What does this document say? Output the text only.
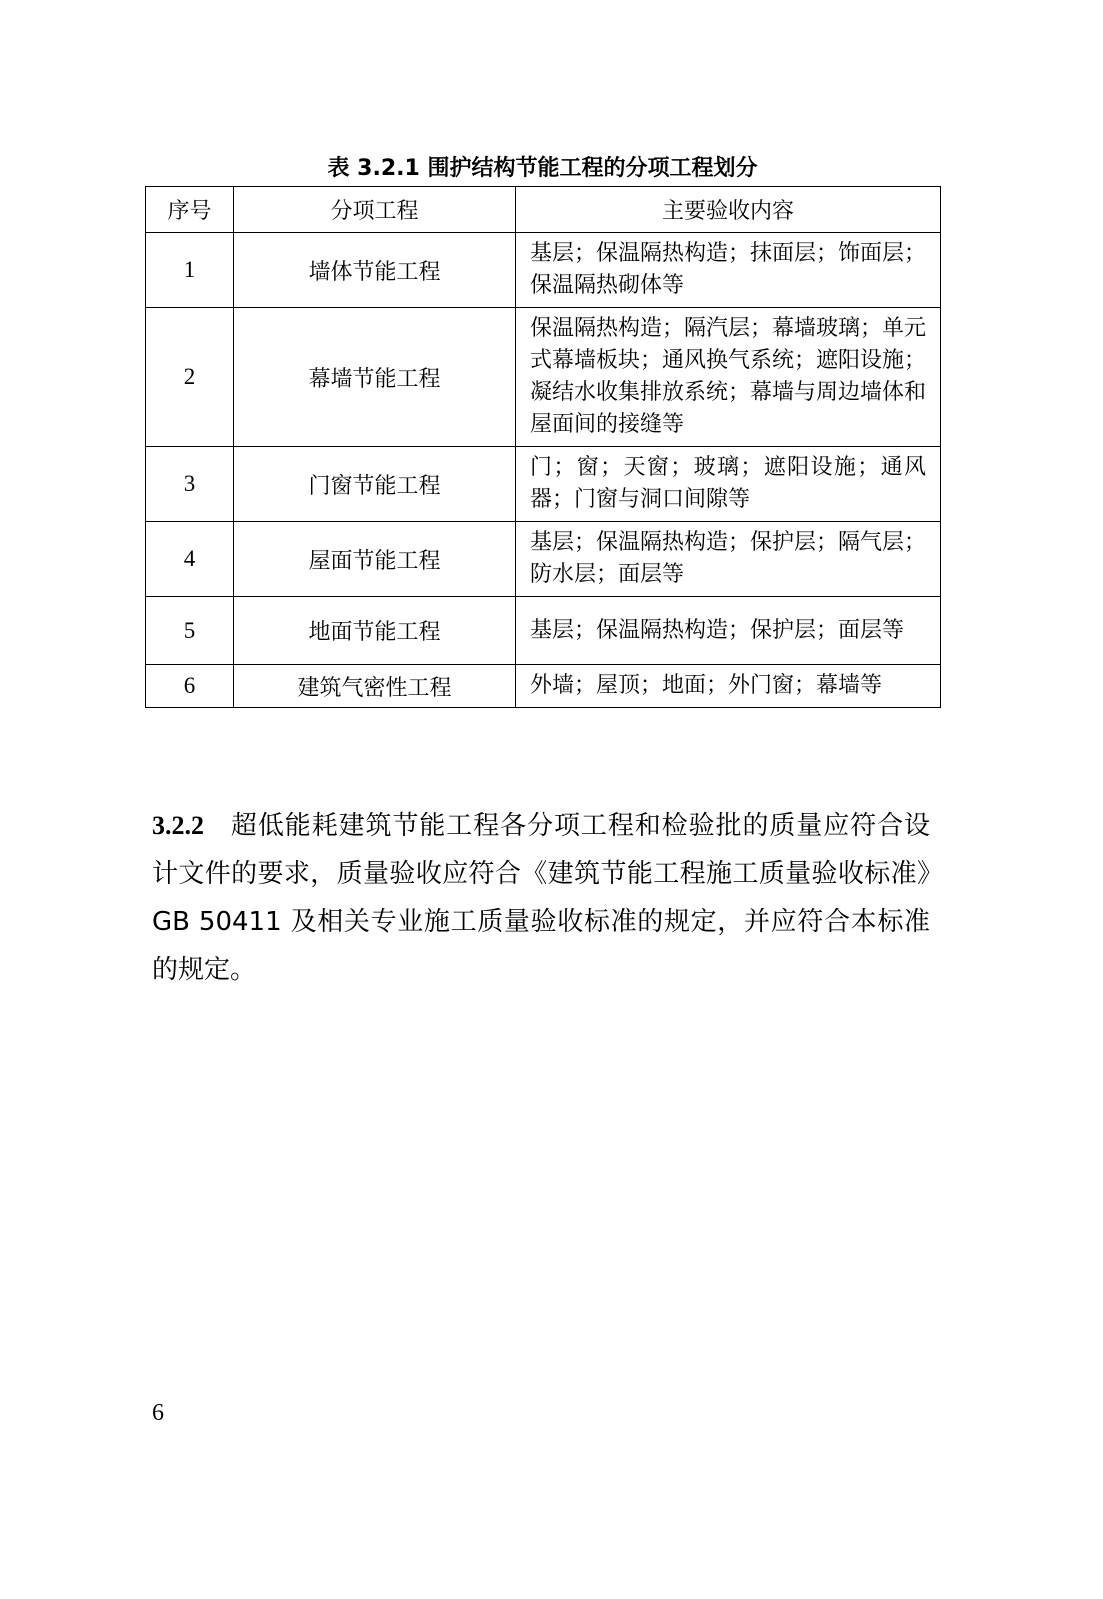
表 3.2.1 围护结构节能工程的分项工程划分
序号	分项工程	主要验收内容
1	墙体节能工程	基层；保温隔热构造；抹面层；饰面层；保温隔热砌体等
2	幕墙节能工程	保温隔热构造；隔汽层；幕墙玻璃；单元式幕墙板块；通风换气系统；遮阳设施；凝结水收集排放系统；幕墙与周边墙体和屋面间的接缝等
3	门窗节能工程	门；窗；天窗；玻璃；遮阳设施；通风器；门窗与洞口间隙等
4	屋面节能工程	基层；保温隔热构造；保护层；隔气层；防水层；面层等
5	地面节能工程	基层；保温隔热构造；保护层；面层等
6	建筑气密性工程	外墙；屋顶；地面；外门窗；幕墙等

3.2.2 超低能耗建筑节能工程各分项工程和检验批的质量应符合设计文件的要求，质量验收应符合《建筑节能工程施工质量验收标准》GB 50411 及相关专业施工质量验收标准的规定，并应符合本标准的规定。

6
